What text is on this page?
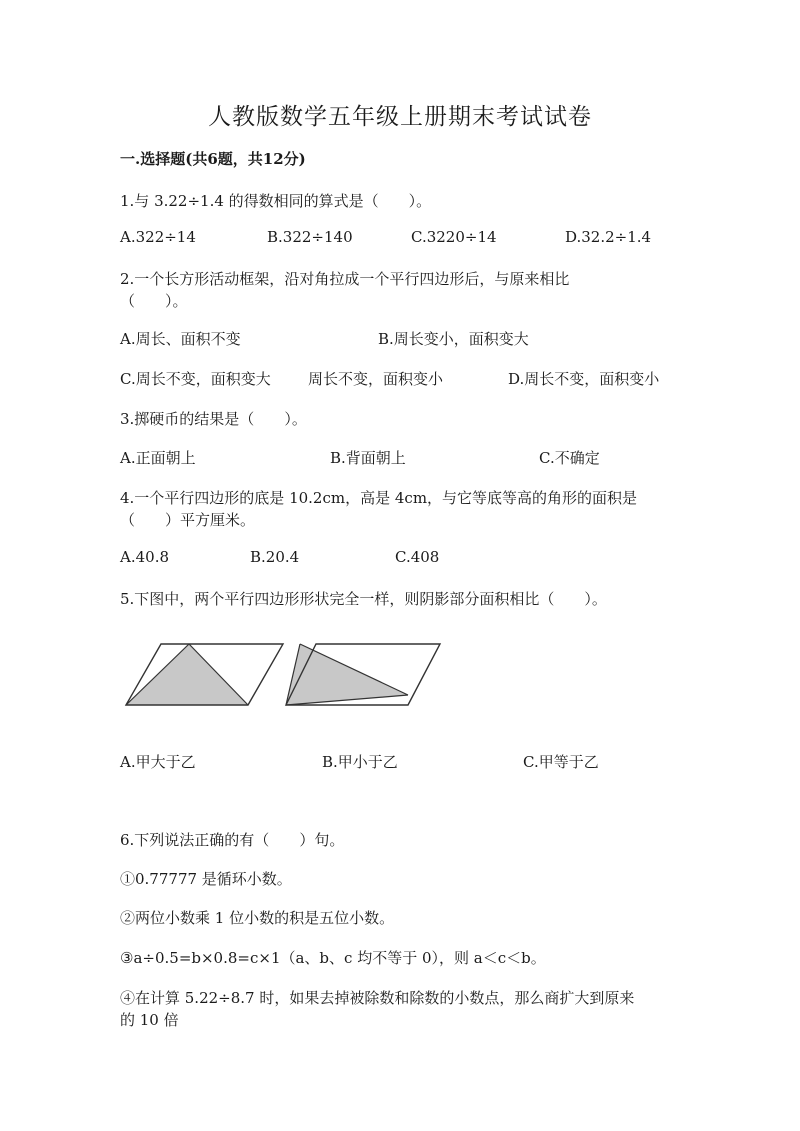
人教版数学五年级上册期末考试试卷
一.选择题(共6题，共12分)
1.与 3.22÷1.4 的得数相同的算式是（　　）。
A.322÷14	B.322÷140	C.3220÷14	D.32.2÷1.4
2.一个长方形活动框架，沿对角拉成一个平行四边形后，与原来相比
（　　）。
A.周长、面积不变	B.周长变小，面积变大
C.周长不变，面积变大 周长不变，面积变小	D.周长不变，面积变小
3.掷硬币的结果是（　　）。
A.正面朝上	B.背面朝上	C.不确定
4.一个平行四边形的底是 10.2cm，高是 4cm，与它等底等高的角形的面积是
（　　）平方厘米。
A.40.8	B.20.4	C.408
5.下图中，两个平行四边形形状完全一样，则阴影部分面积相比（　　）。
A.甲大于乙	B.甲小于乙	C.甲等于乙
6.下列说法正确的有（　　）句。
①0.77777 是循环小数。
②两位小数乘 1 位小数的积是五位小数。
③a÷0.5=b×0.8=c×1（a、b、c 均不等于 0），则 a＜c＜b。
④在计算 5.22÷8.7 时，如果去掉被除数和除数的小数点，那么商扩大到原来
的 10 倍
